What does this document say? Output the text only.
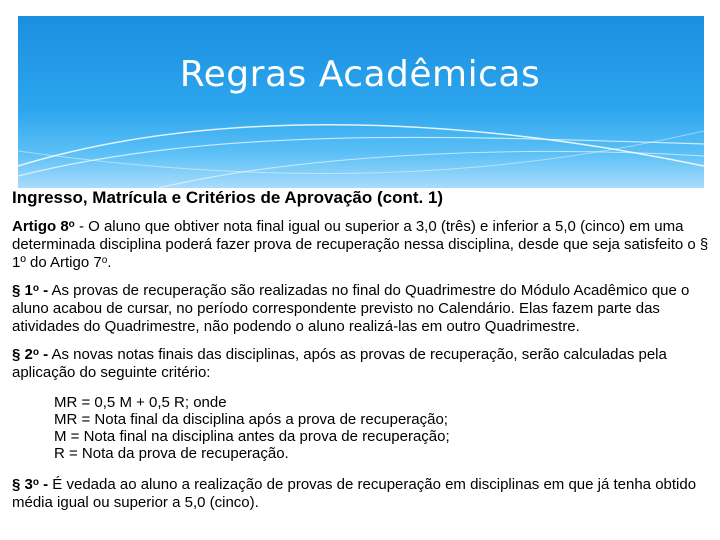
Regras Acadêmicas
Ingresso, Matrícula e Critérios de Aprovação (cont. 1)
Artigo 8$^o$ - O aluno que obtiver nota final igual ou superior a 3,0 (três) e inferior a 5,0 (cinco) em uma determinada disciplina poderá fazer prova de recuperação nessa disciplina, desde que seja satisfeito o § 1º do Artigo 7$^o$.
§ 1$^o$ - As provas de recuperação são realizadas no final do Quadrimestre do Módulo Acadêmico que o aluno acabou de cursar, no período correspondente previsto no Calendário. Elas fazem parte das atividades do Quadrimestre, não podendo o aluno realizá-las em outro Quadrimestre.
§ 2$^o$ - As novas notas finais das disciplinas, após as provas de recuperação, serão calculadas pela aplicação do seguinte critério:
MR = 0,5 M + 0,5 R; onde
MR = Nota final da disciplina após a prova de recuperação;
M = Nota final na disciplina antes da prova de recuperação;
R = Nota da prova de recuperação.
§ 3$^o$ - É vedada ao aluno a realização de provas de recuperação em disciplinas em que já tenha obtido média igual ou superior a 5,0 (cinco).
